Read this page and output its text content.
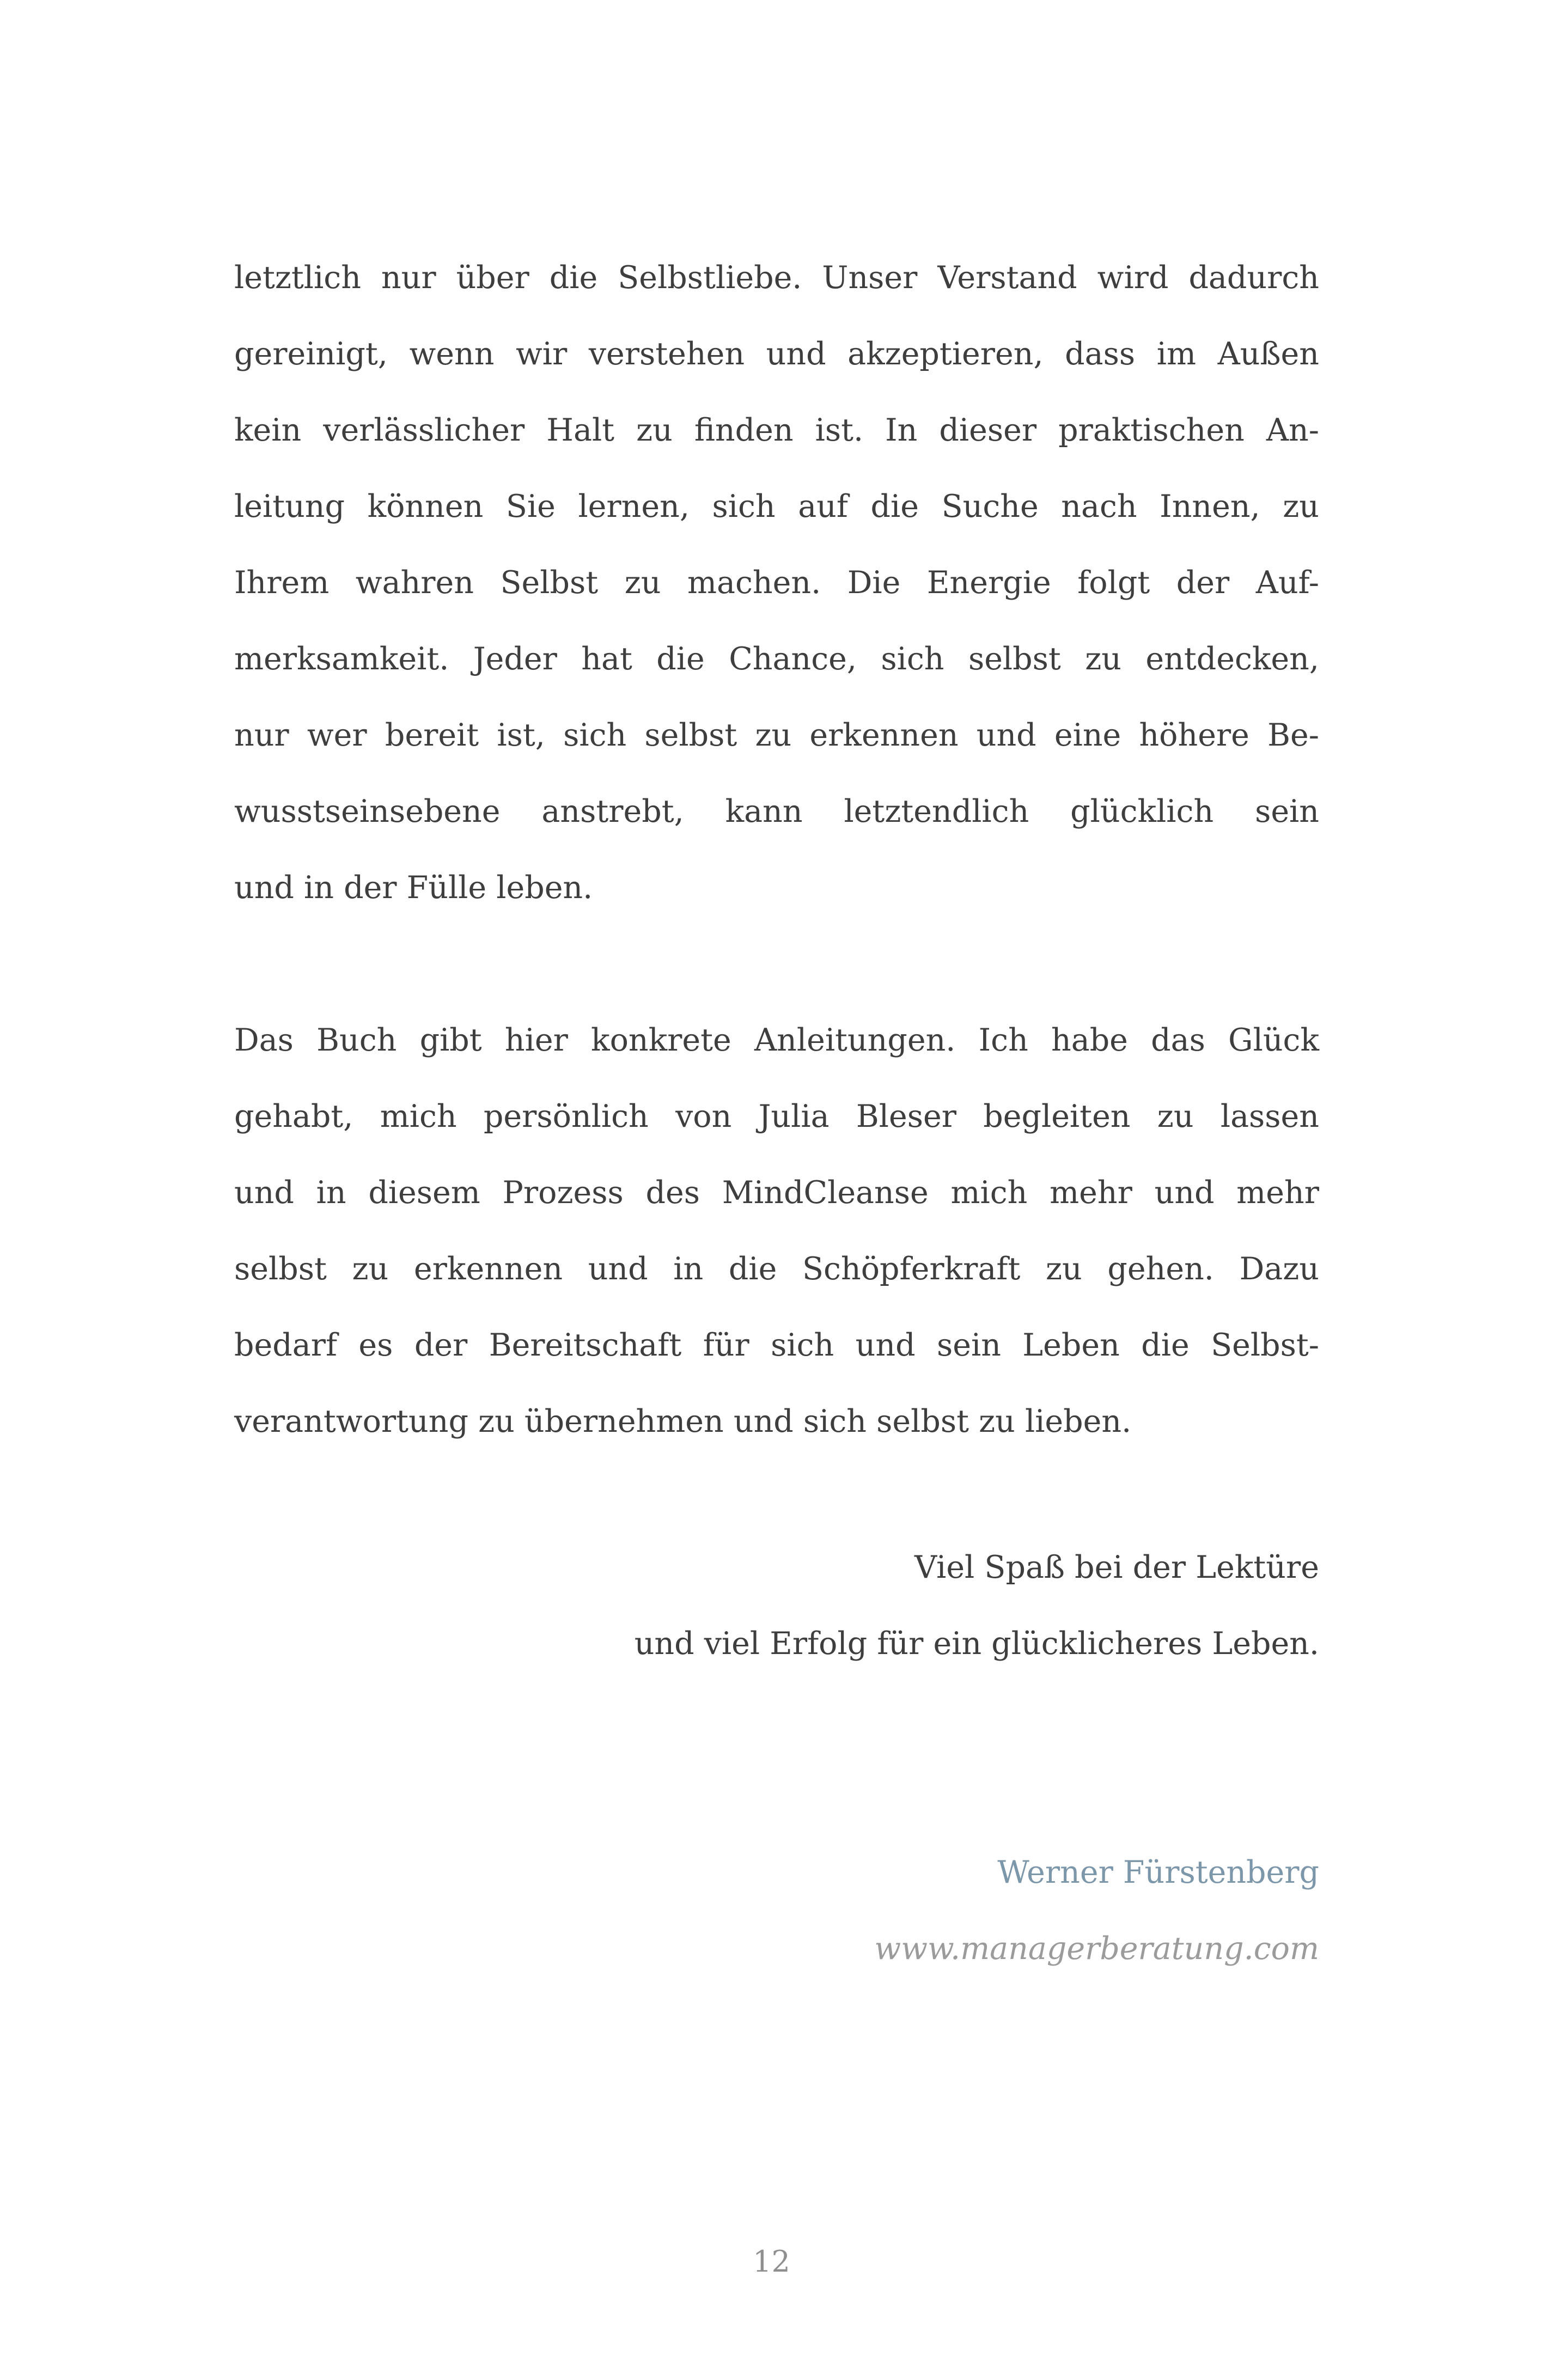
letztlich nur über die Selbstliebe. Unser Verstand wird dadurch
gereinigt, wenn wir verstehen und akzeptieren, dass im Außen
kein verlässlicher Halt zu finden ist. In dieser praktischen An-
leitung können Sie lernen, sich auf die Suche nach Innen, zu
Ihrem wahren Selbst zu machen. Die Energie folgt der Auf-
merksamkeit. Jeder hat die Chance, sich selbst zu entdecken,
nur wer bereit ist, sich selbst zu erkennen und eine höhere Be-
wusstseinsebene anstrebt, kann letztendlich glücklich sein
und in der Fülle leben.
Das Buch gibt hier konkrete Anleitungen. Ich habe das Glück
gehabt, mich persönlich von Julia Bleser begleiten zu lassen
und in diesem Prozess des MindCleanse mich mehr und mehr
selbst zu erkennen und in die Schöpferkraft zu gehen. Dazu
bedarf es der Bereitschaft für sich und sein Leben die Selbst-
verantwortung zu übernehmen und sich selbst zu lieben.
Viel Spaß bei der Lektüre
und viel Erfolg für ein glücklicheres Leben.
Werner Fürstenberg
www.managerberatung.com
12
